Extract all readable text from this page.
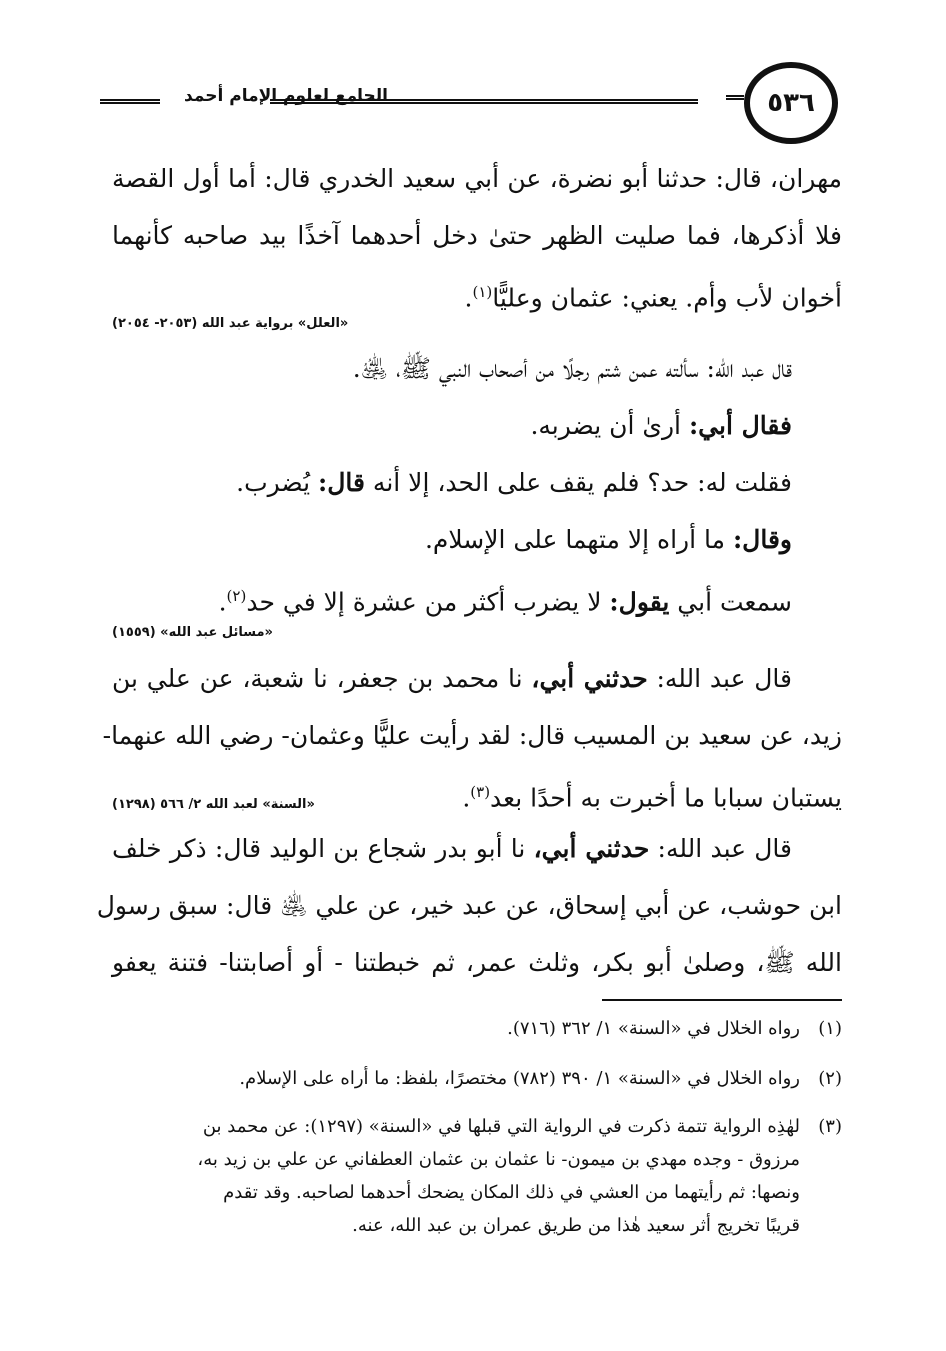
٥٣٦
الجامع لعلوم الإمام أحمد
مهران، قال: حدثنا أبو نضرة، عن أبي سعيد الخدري قال: أما أول القصة
فلا أذكرها، فما صليت الظهر حتىٰ دخل أحدهما آخذًا بيد صاحبه كأنهما
أخوان لأب وأم. يعني: عثمان وعليًّا$^{(١)}$.
«العلل» برواية عبد الله (٢٠٥٣- ٢٠٥٤)
قال عبد الله: سألته عمن شتم رجلًا من أصحاب النبي ﷺ، ﵁.
فقال أبي: أرىٰ أن يضربه.
فقلت له: حد؟ فلم يقف على الحد، إلا أنه قال: يُضرب.
وقال: ما أراه إلا متهما على الإسلام.
سمعت أبي يقول: لا يضرب أكثر من عشرة إلا في حد$^{(٢)}$.
«مسائل عبد الله» (١٥٥٩)
قال عبد الله: حدثني أبي، نا محمد بن جعفر، نا شعبة، عن علي بن
زيد، عن سعيد بن المسيب قال: لقد رأيت عليًّا وعثمان- رضي الله عنهما-
يستبان سبابا ما أخبرت به أحدًا بعد$^{(٣)}$.
«السنة» لعبد الله ٢/ ٥٦٦ (١٢٩٨)
قال عبد الله: حدثني أبي، نا أبو بدر شجاع بن الوليد قال: ذكر خلف
ابن حوشب، عن أبي إسحاق، عن عبد خير، عن علي ﵁ قال: سبق رسول
الله ﷺ، وصلىٰ أبو بكر، وثلث عمر، ثم خبطتنا - أو أصابتنا- فتنة يعفو
(١)رواه الخلال في «السنة» ١/ ٣٦٢ (٧١٦).
(٢)رواه الخلال في «السنة» ١/ ٣٩٠ (٧٨٢) مختصرًا، بلفظ: ما أراه على الإسلام.
(٣)لهٰذِه الرواية تتمة ذكرت في الرواية التي قبلها في «السنة» (١٢٩٧): عن محمد بن
مرزوق - وجده مهدي بن ميمون- نا عثمان بن عثمان العطفاني عن علي بن زيد به،
ونصها: ثم رأيتهما من العشي في ذلك المكان يضحك أحدهما لصاحبه. وقد تقدم
قريبًا تخريج أثر سعيد هٰذا من طريق عمران بن عبد الله، عنه.
